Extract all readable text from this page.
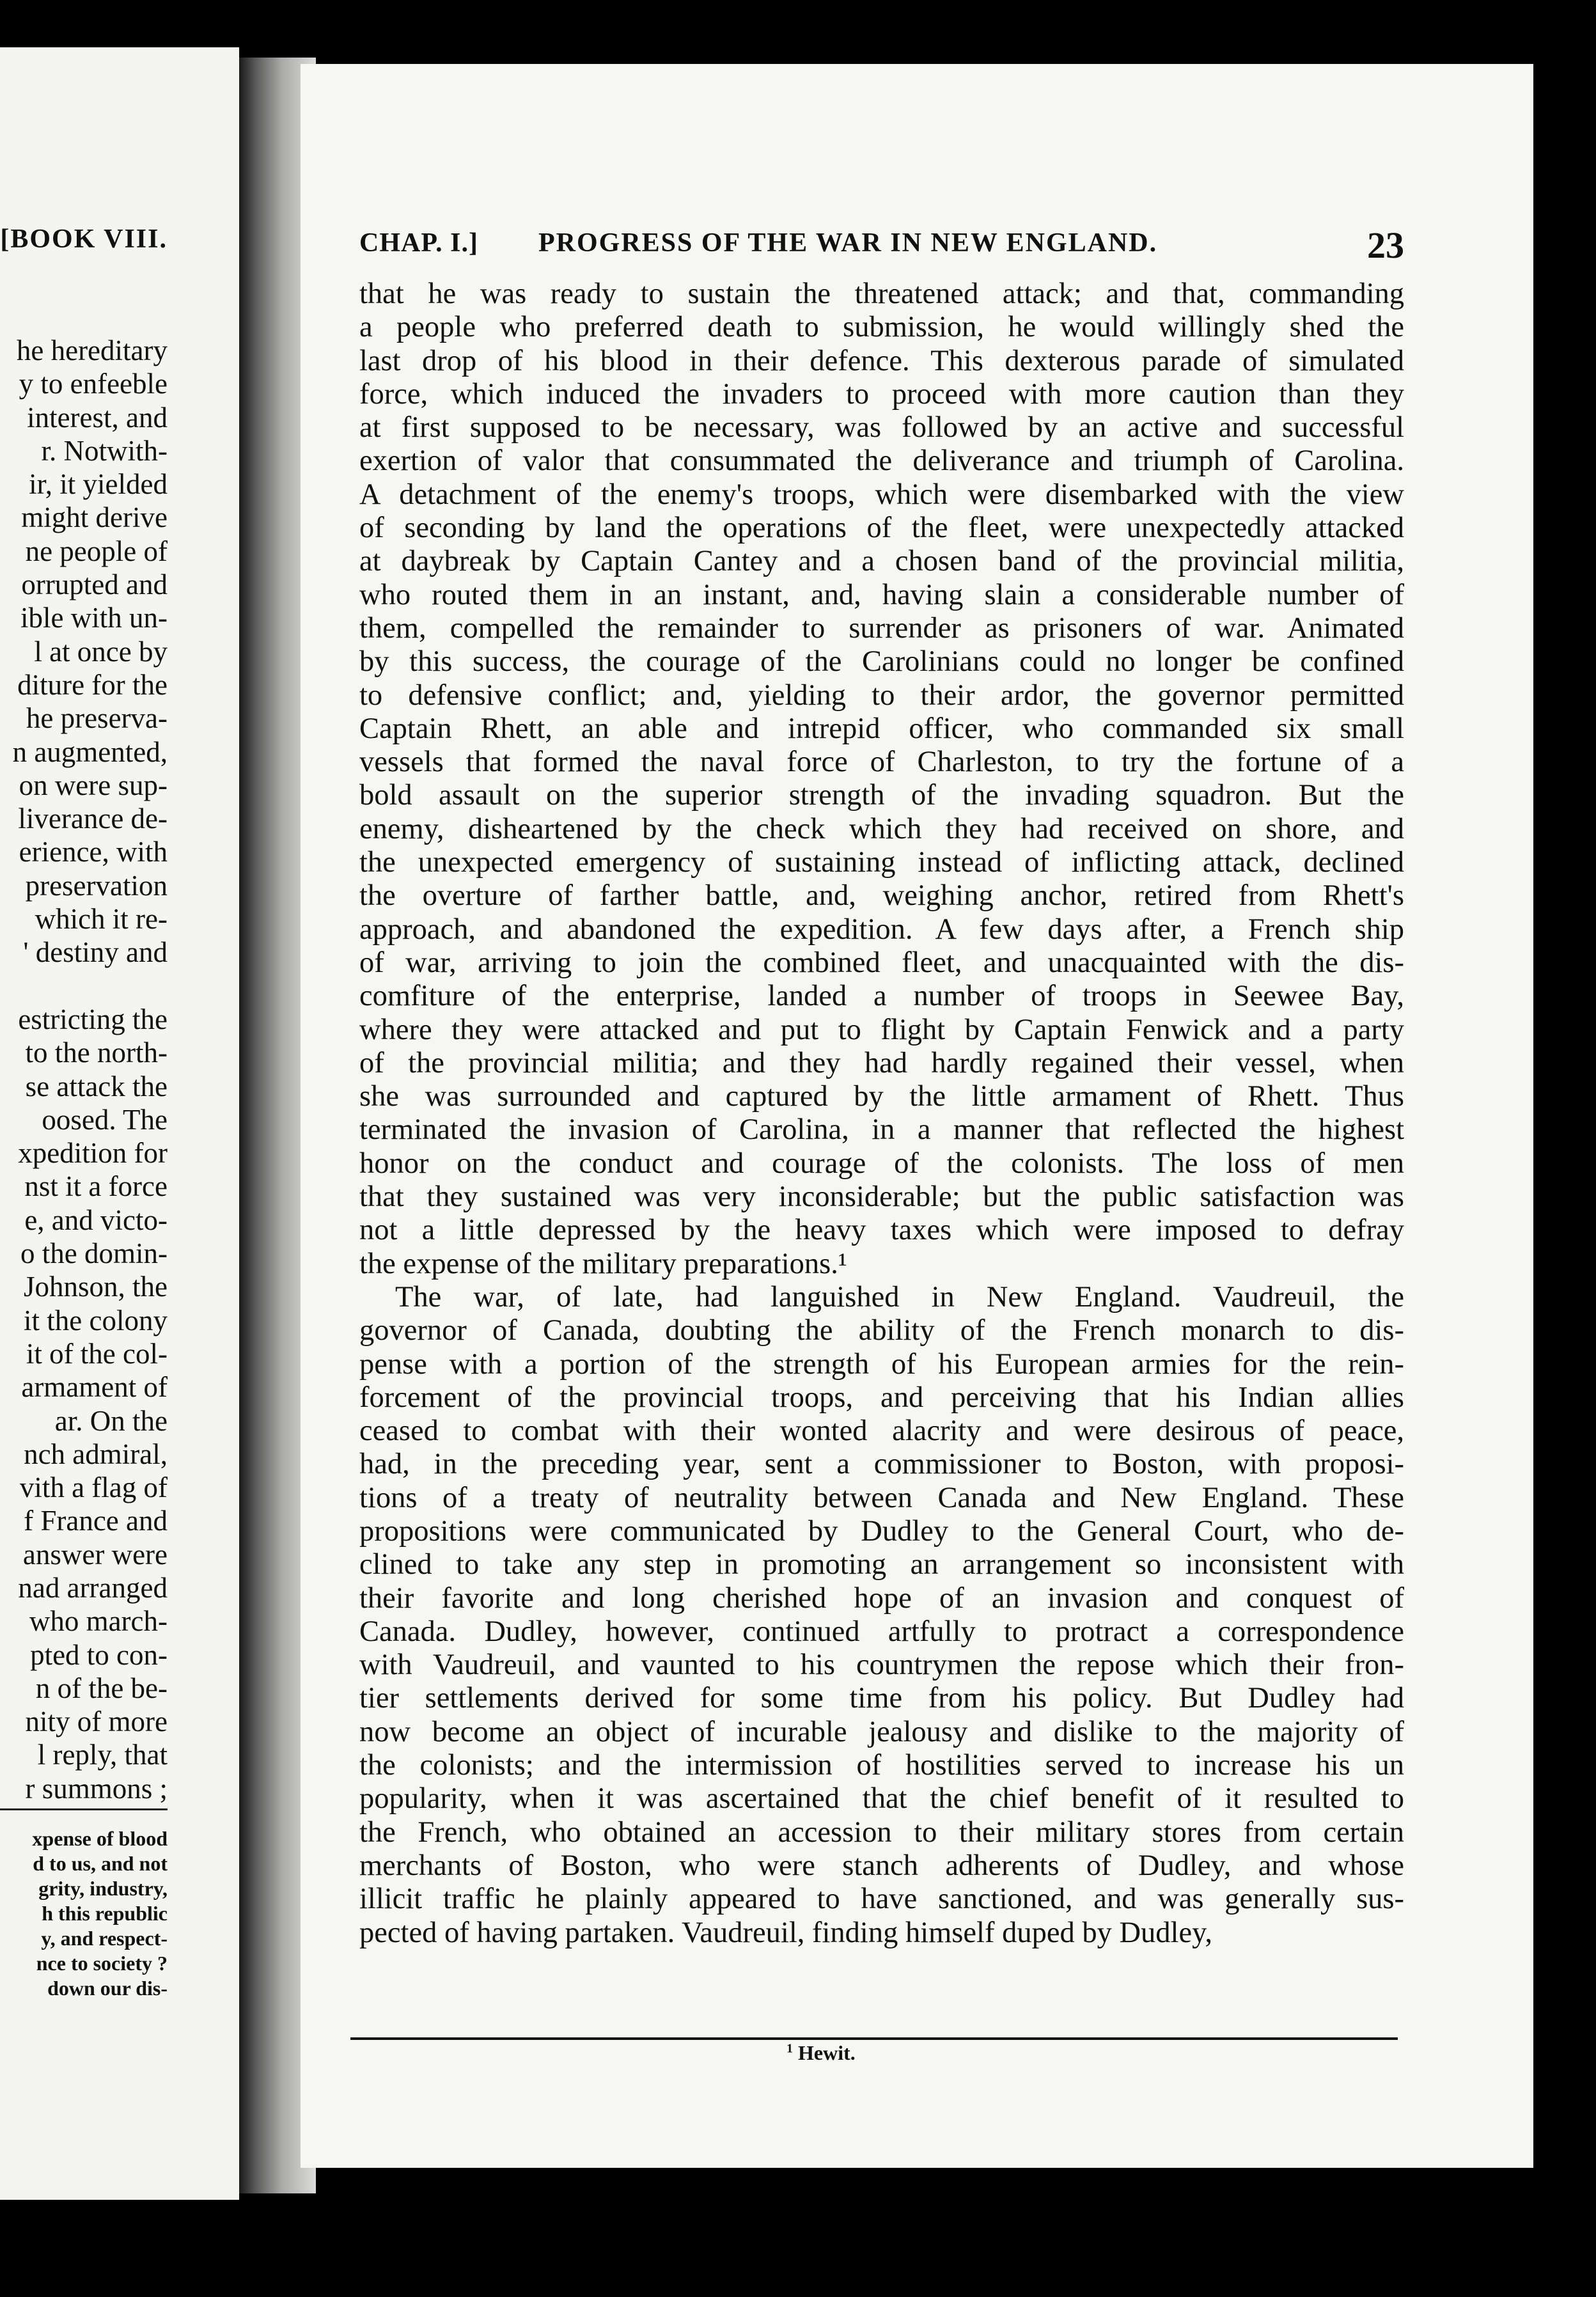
[BOOK VIII.
he hereditary
y to enfeeble
interest, and
r. Notwith-
ir, it yielded
might derive
ne people of
orrupted and
ible with un-
l at once by
diture for the
he preserva-
n augmented,
on were sup-
liverance de-
erience, with
preservation
which it re-
' destiny and

estricting the
to the north-
se attack the
oosed. The
xpedition for
nst it a force
e, and victo-
o the domin-
Johnson, the
it the colony
it of the col-
armament of
ar. On the
nch admiral,
vith a flag of
f France and
answer were
nad arranged
who march-
pted to con-
n of the be-
nity of more
l reply, that
r summons ;
xpense of blood
d to us, and not
grity, industry,
h this republic
y, and respect-
nce to society ?
down our dis-
CHAP. I.] PROGRESS OF THE WAR IN NEW ENGLAND.	23
that he was ready to sustain the threatened attack; and that, commanding
a people who preferred death to submission, he would willingly shed the
last drop of his blood in their defence. This dexterous parade of simulated
force, which induced the invaders to proceed with more caution than they
at first supposed to be necessary, was followed by an active and successful
exertion of valor that consummated the deliverance and triumph of Carolina.
A detachment of the enemy's troops, which were disembarked with the view
of seconding by land the operations of the fleet, were unexpectedly attacked
at daybreak by Captain Cantey and a chosen band of the provincial militia,
who routed them in an instant, and, having slain a considerable number of
them, compelled the remainder to surrender as prisoners of war. Animated
by this success, the courage of the Carolinians could no longer be confined
to defensive conflict; and, yielding to their ardor, the governor permitted
Captain Rhett, an able and intrepid officer, who commanded six small
vessels that formed the naval force of Charleston, to try the fortune of a
bold assault on the superior strength of the invading squadron. But the
enemy, disheartened by the check which they had received on shore, and
the unexpected emergency of sustaining instead of inflicting attack, declined
the overture of farther battle, and, weighing anchor, retired from Rhett's
approach, and abandoned the expedition. A few days after, a French ship
of war, arriving to join the combined fleet, and unacquainted with the dis-
comfiture of the enterprise, landed a number of troops in Seewee Bay,
where they were attacked and put to flight by Captain Fenwick and a party
of the provincial militia; and they had hardly regained their vessel, when
she was surrounded and captured by the little armament of Rhett. Thus
terminated the invasion of Carolina, in a manner that reflected the highest
honor on the conduct and courage of the colonists. The loss of men
that they sustained was very inconsiderable; but the public satisfaction was
not a little depressed by the heavy taxes which were imposed to defray
the expense of the military preparations.¹
The war, of late, had languished in New England. Vaudreuil, the
governor of Canada, doubting the ability of the French monarch to dis-
pense with a portion of the strength of his European armies for the rein-
forcement of the provincial troops, and perceiving that his Indian allies
ceased to combat with their wonted alacrity and were desirous of peace,
had, in the preceding year, sent a commissioner to Boston, with proposi-
tions of a treaty of neutrality between Canada and New England. These
propositions were communicated by Dudley to the General Court, who de-
clined to take any step in promoting an arrangement so inconsistent with
their favorite and long cherished hope of an invasion and conquest of
Canada. Dudley, however, continued artfully to protract a correspondence
with Vaudreuil, and vaunted to his countrymen the repose which their fron-
tier settlements derived for some time from his policy. But Dudley had
now become an object of incurable jealousy and dislike to the majority of
the colonists; and the intermission of hostilities served to increase his un
popularity, when it was ascertained that the chief benefit of it resulted to
the French, who obtained an accession to their military stores from certain
merchants of Boston, who were stanch adherents of Dudley, and whose
illicit traffic he plainly appeared to have sanctioned, and was generally sus-
pected of having partaken. Vaudreuil, finding himself duped by Dudley,
$^1$ Hewit.
